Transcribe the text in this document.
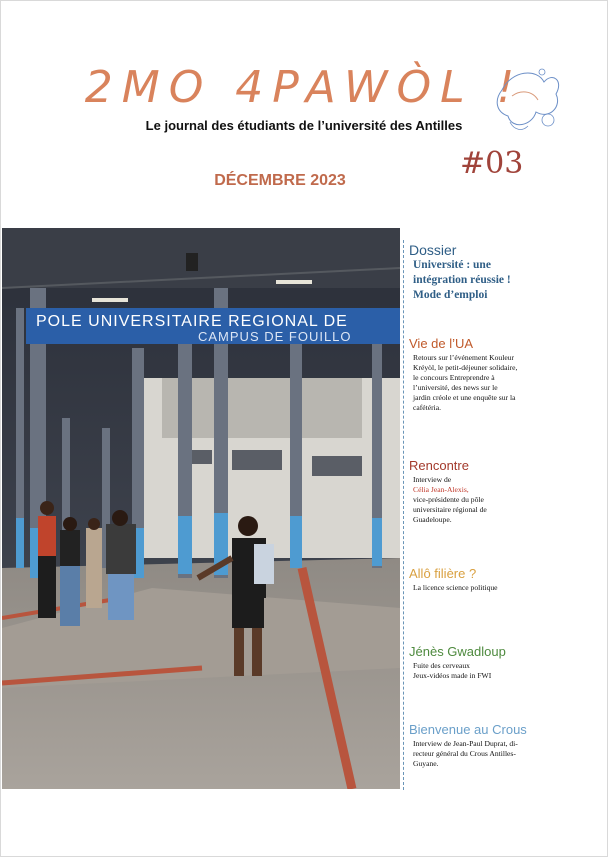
2MO 4PAWÒL !
Le journal des étudiants de l’université des Antilles
#03
DÉCEMBRE 2023
POLE UNIVERSITAIRE REGIONAL DE
CAMPUS DE FOUILLO

Dossier

Université : une

intégration réussie !

Mode d’emploi

Vie de l’UA

Retours sur l’événement Kouleur

Kréyòl, le petit-déjeuner solidaire,

le concours Entreprendre à

l’université, des news sur le

jardin créole et une enquête sur la

cafétéria.

Rencontre

Interview de

Célia Jean-Alexis,

vice-présidente du pôle

universitaire régional de

Guadeloupe.

Allô filière ?

La licence science politique

Jénès Gwadloup

Fuite des cerveaux

Jeux-vidéos made in FWI

Bienvenue au Crous

Interview de Jean-Paul Duprat, di-

recteur général du Crous Antilles-

Guyane.
